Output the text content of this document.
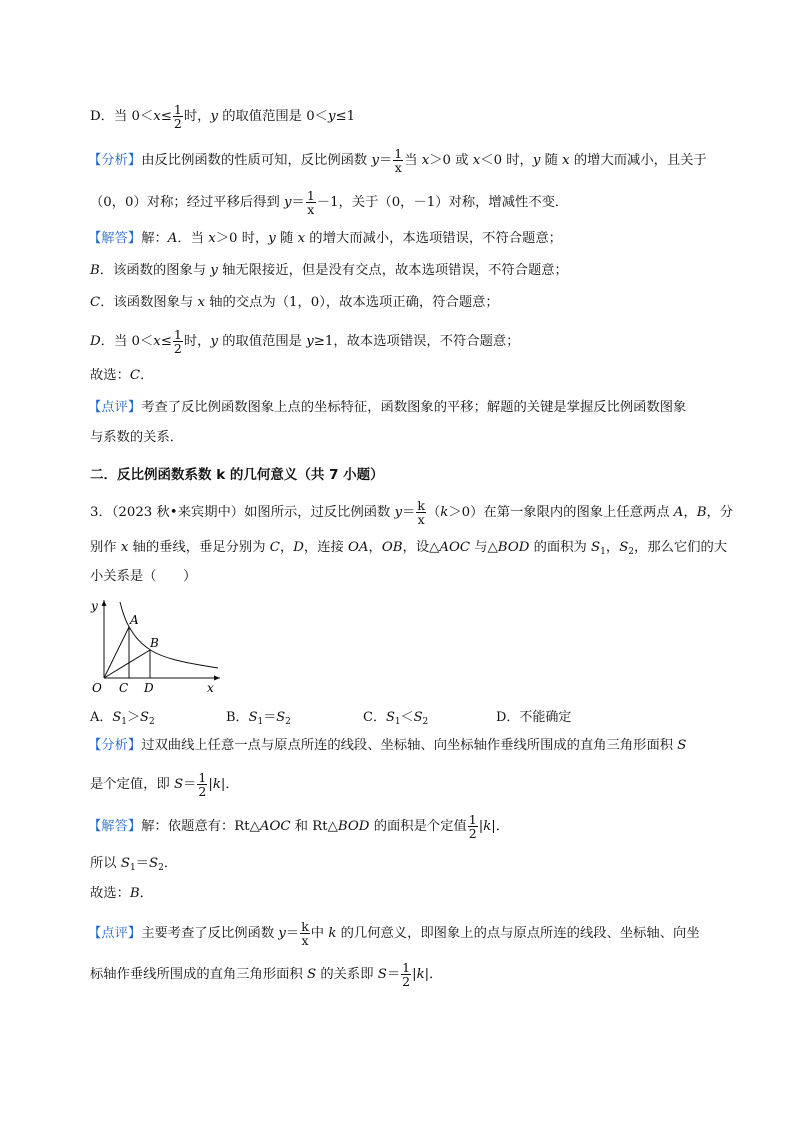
D．当 $0<x\le \frac{1}{2}$ 时，y 的取值范围是 0＜y≤1
【分析】由反比例函数的性质可知，反比例函数 $y= \frac{1}{x}$ 当 x＞0 或 x＜0 时，y 随 x 的增大而减小，且关于
（0，0）对称；经过平移后得到 $y= \frac{1}{x} -1$，关于（0，－1）对称，增减性不变．
【解答】解：A．当 x＞0 时，y 随 x 的增大而减小，本选项错误，不符合题意；
B．该函数的图象与 y 轴无限接近，但是没有交点，故本选项错误，不符合题意；
C．该函数图象与 x 轴的交点为（1，0），故本选项正确，符合题意；
D．当 $0<x\le \frac{1}{2}$ 时，y 的取值范围是 y≥1，故本选项错误，不符合题意；
故选：C．
【点评】考查了反比例函数图象上点的坐标特征，函数图象的平移；解题的关键是掌握反比例函数图象
与系数的关系．
二．反比例函数系数 k 的几何意义（共 7 小题）
3．（2023 秋•来宾期中）如图所示，过反比例函数 $y= \frac{k}{x} (k>0)$在第一象限内的图象上任意两点 A，B，分
别作 x 轴的垂线，垂足分别为 C，D，连接 OA，OB，设△AOC 与△BOD 的面积为 $S_1$，$S_2$，那么它们的大
小关系是（　　）
y
x
O
A
B
C D
A．$S_1>S_2$	B．$S_1=S_2$	C．$S_1<S_2$	D．不能确定
【分析】过双曲线上任意一点与原点所连的线段、坐标轴、向坐标轴作垂线所围成的直角三角形面积 S
是个定值，即 $S= \frac{1}{2} |k|$．
【解答】解：依题意有：Rt△AOC 和 Rt△BOD 的面积是个定值 $\frac{1}{2} |k|$．
所以 $S_1=S_2$．
故选：B．
【点评】主要考查了反比例函数 $y= \frac{k}{x}$ 中 k 的几何意义，即图象上的点与原点所连的线段、坐标轴、向坐
标轴作垂线所围成的直角三角形面积 S 的关系即 $S= \frac{1}{2} |k|$．
